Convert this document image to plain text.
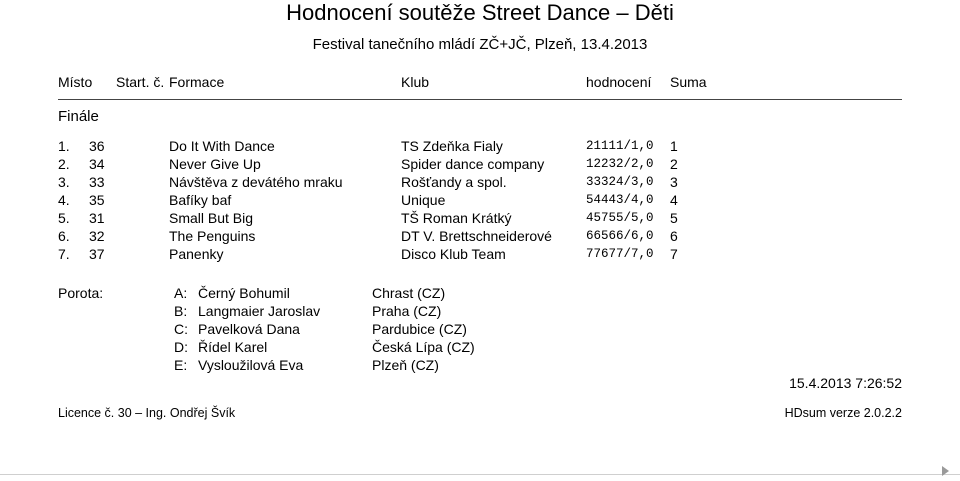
Hodnocení soutěže Street Dance – Děti
Festival tanečního mládí ZČ+JČ, Plzeň, 13.4.2013
Místo Start. č. Formace	Klub	hodnocení Suma
Finále
1. 36	Do It With Dance	TS Zdeňka Fialy	21111/1,0 1
2. 34	Never Give Up	Spider dance company	12232/2,0 2
3. 33	Návštěva z devátého mraku	Rošťandy a spol.	33324/3,0 3
4. 35	Bafíky baf	Unique	54443/4,0 4
5. 31	Small But Big	TŠ Roman Krátký	45755/5,0 5
6. 32	The Penguins	DT V. Brettschneiderové	66566/6,0 6
7. 37	Panenky	Disco Klub Team	77677/7,0 7
Porota:	A: Černý Bohumil	Chrast (CZ)
B: Langmaier Jaroslav	Praha (CZ)
C: Pavelková Dana	Pardubice (CZ)
D: Řídel Karel	Česká Lípa (CZ)
E: Vysloužilová Eva	Plzeň (CZ)
15.4.2013 7:26:52
Licence č. 30 – Ing. Ondřej Švík	HDsum verze 2.0.2.2
